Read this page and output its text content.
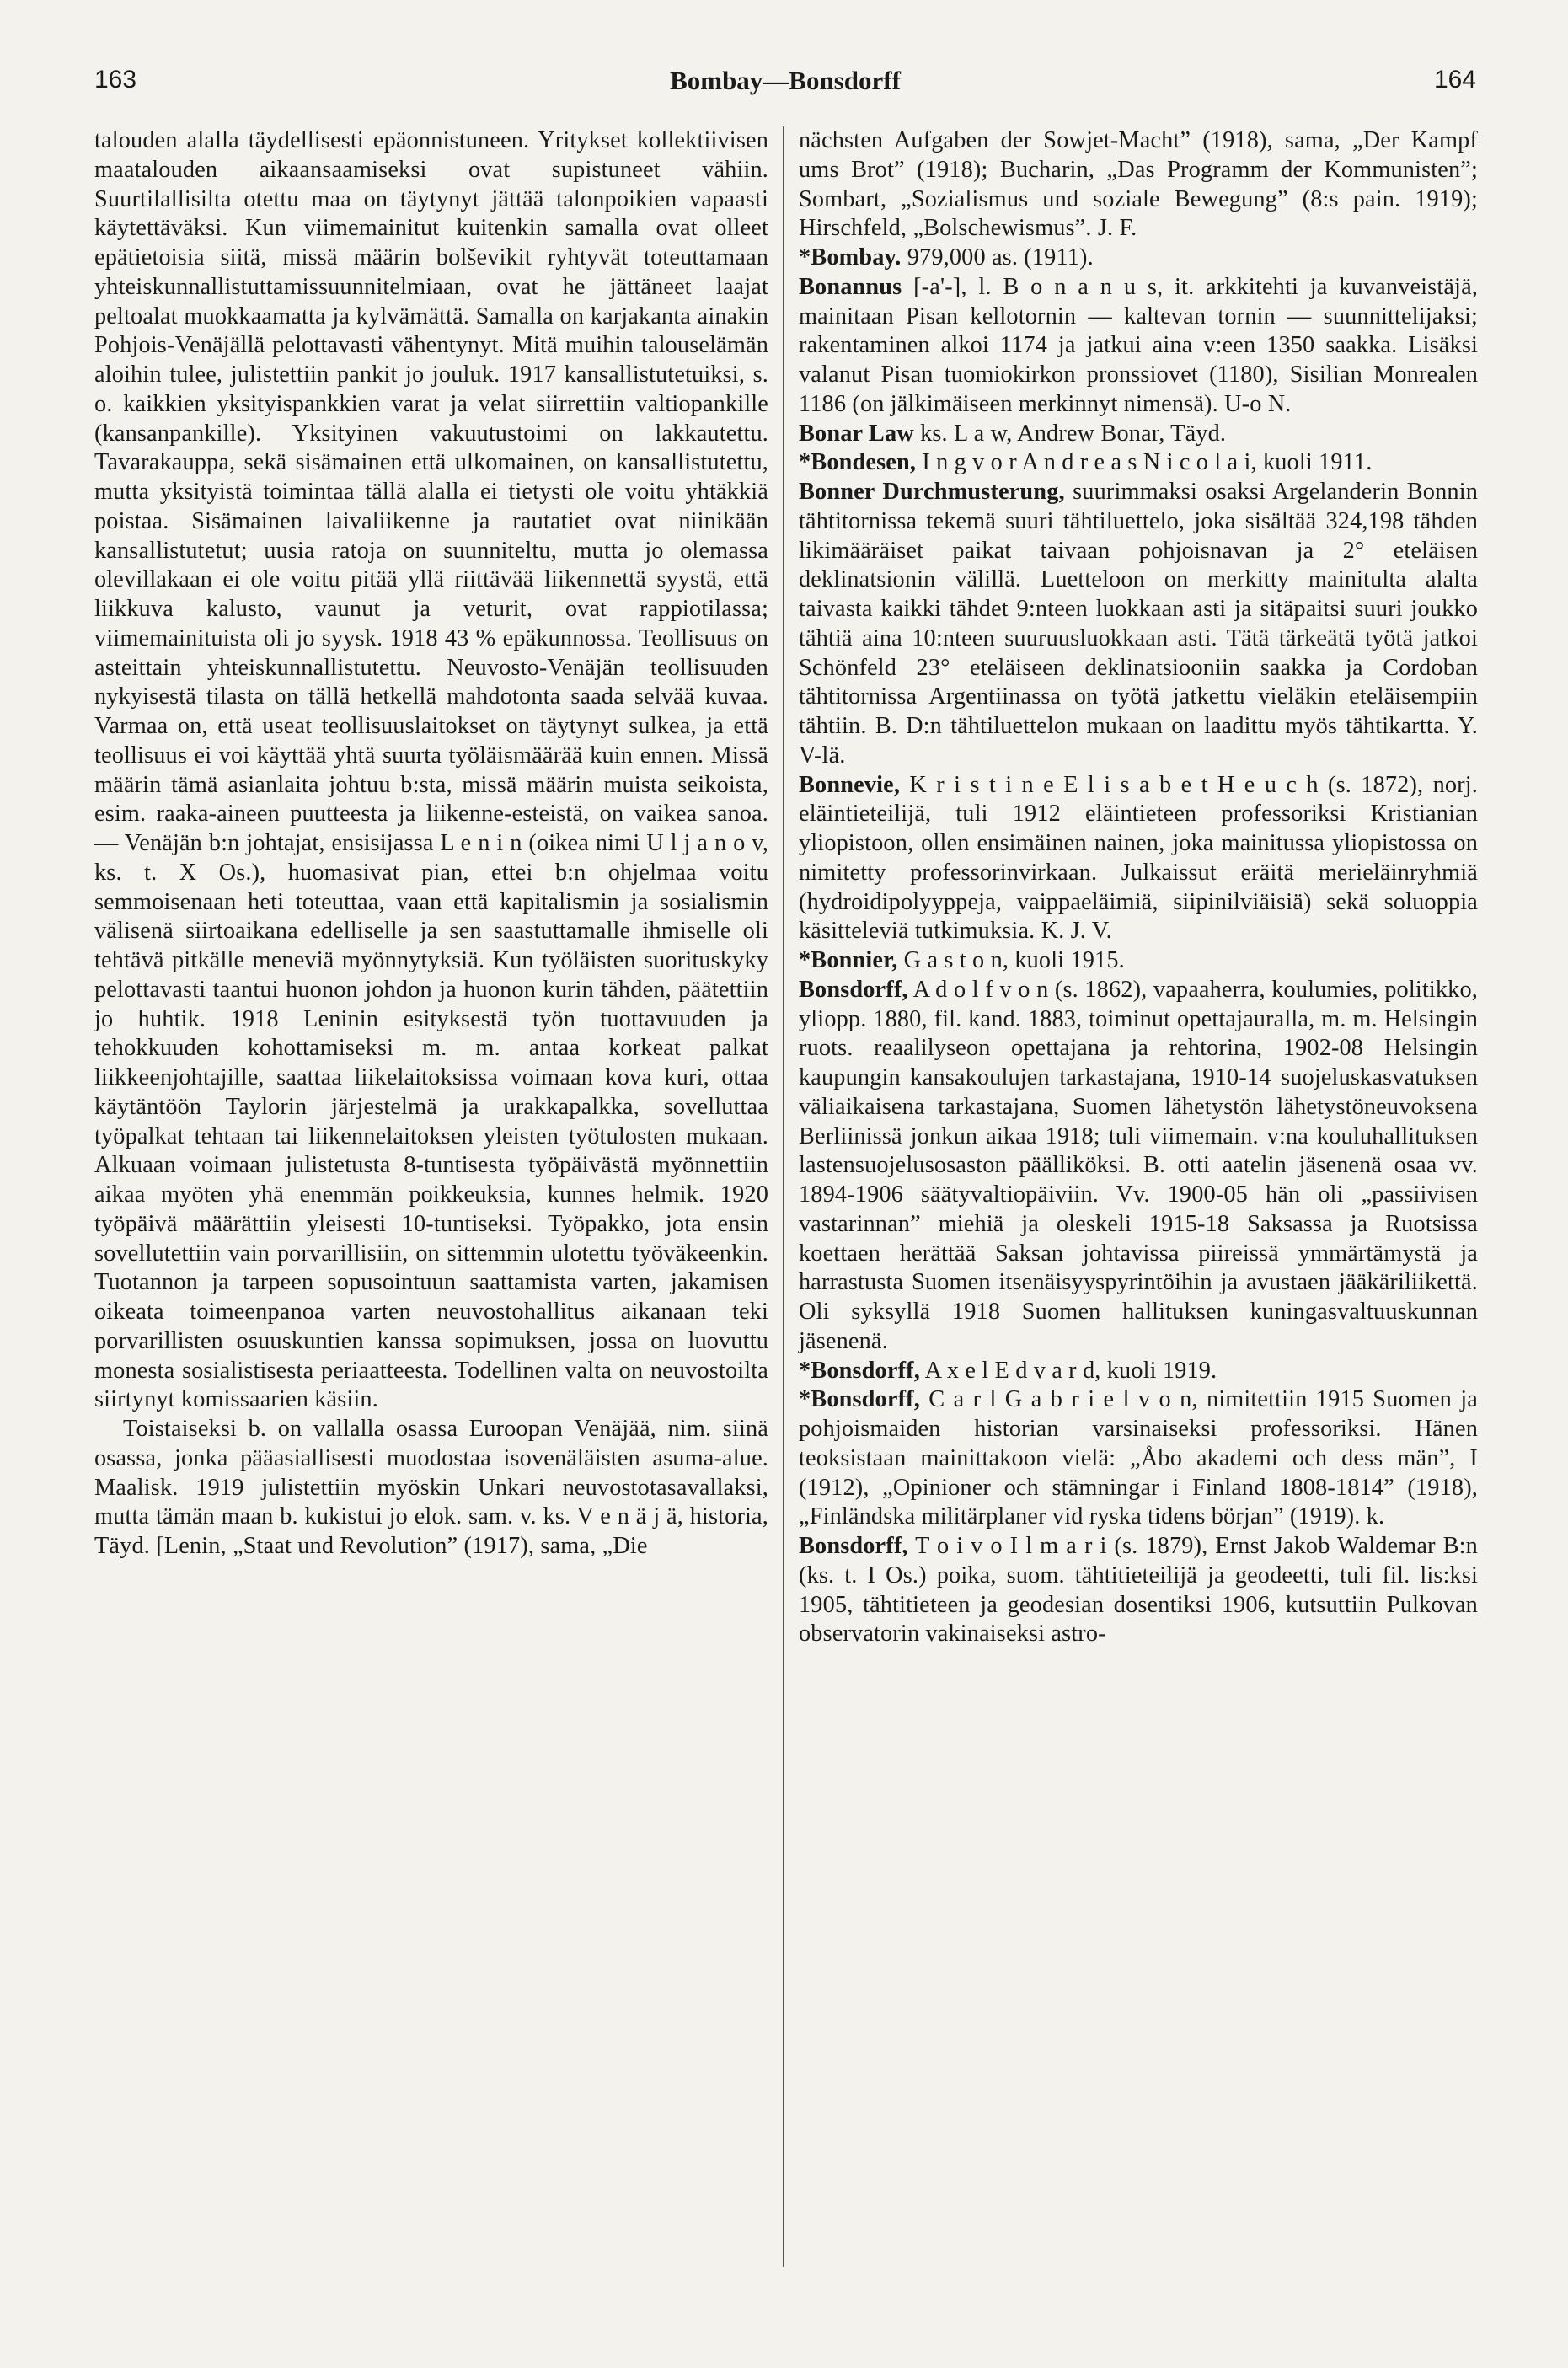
163	Bombay—Bonsdorff	164

talouden alalla täydellisesti epäonnistuneen. Yritykset kollektiivisen maatalouden aikaansaamiseksi ovat supistuneet vähiin. Suurtilallisilta otettu maa on täytynyt jättää talonpoikien vapaasti käytettäväksi. Kun viimemainitut kuitenkin samalla ovat olleet epätietoisia siitä, missä määrin bolševikit ryhtyvät toteuttamaan yhteiskunnallistuttamissuunnitelmiaan, ovat he jättäneet laajat peltoalat muokkaamatta ja kylvämättä. Samalla on karjakanta ainakin Pohjois-Venäjällä pelottavasti vähentynyt. Mitä muihin talouselämän aloihin tulee, julistettiin pankit jo jouluk. 1917 kansallistutetuiksi, s. o. kaikkien yksityispankkien varat ja velat siirrettiin valtiopankille (kansanpankille). Yksityinen vakuutustoimi on lakkautettu. Tavarakauppa, sekä sisämainen että ulkomainen, on kansallistutettu, mutta yksityistä toimintaa tällä alalla ei tietysti ole voitu yhtäkkiä poistaa. Sisämainen laivaliikenne ja rautatiet ovat niinikään kansallistutetut; uusia ratoja on suunniteltu, mutta jo olemassa olevillakaan ei ole voitu pitää yllä riittävää liikennettä syystä, että liikkuva kalusto, vaunut ja veturit, ovat rappiotilassa; viimemainituista oli jo syysk. 1918 43 % epäkunnossa. Teollisuus on asteittain yhteiskunnallistutettu. Neuvosto-Venäjän teollisuuden nykyisestä tilasta on tällä hetkellä mahdotonta saada selvää kuvaa. Varmaa on, että useat teollisuuslaitokset on täytynyt sulkea, ja että teollisuus ei voi käyttää yhtä suurta työläismäärää kuin ennen. Missä määrin tämä asianlaita johtuu b:sta, missä määrin muista seikoista, esim. raaka-aineen puutteesta ja liikenne-esteistä, on vaikea sanoa. — Venäjän b:n johtajat, ensisijassa L e n i n (oikea nimi U l j a n o v, ks. t. X Os.), huomasivat pian, ettei b:n ohjelmaa voitu semmoisenaan heti toteuttaa, vaan että kapitalismin ja sosialismin välisenä siirtoaikana edelliselle ja sen saastuttamalle ihmiselle oli tehtävä pitkälle meneviä myönnytyksiä. Kun työläisten suorituskyky pelottavasti taantui huonon johdon ja huonon kurin tähden, päätettiin jo huhtik. 1918 Leninin esityksestä työn tuottavuuden ja tehokkuuden kohottamiseksi m. m. antaa korkeat palkat liikkeenjohtajille, saattaa liikelaitoksissa voimaan kova kuri, ottaa käytäntöön Taylorin järjestelmä ja urakkapalkka, sovelluttaa työpalkat tehtaan tai liikennelaitoksen yleisten työtulosten mukaan. Alkuaan voimaan julistetusta 8-tuntisesta työpäivästä myönnettiin aikaa myöten yhä enemmän poikkeuksia, kunnes helmik. 1920 työpäivä määrättiin yleisesti 10-tuntiseksi. Työpakko, jota ensin sovellutettiin vain porvarillisiin, on sittemmin ulotettu työväkeenkin. Tuotannon ja tarpeen sopusointuun saattamista varten, jakamisen oikeata toimeenpanoa varten neuvostohallitus aikanaan teki porvarillisten osuuskuntien kanssa sopimuksen, jossa on luovuttu monesta sosialistisesta periaatteesta. Todellinen valta on neuvostoilta siirtynyt komissaarien käsiin.

Toistaiseksi b. on vallalla osassa Euroopan Venäjää, nim. siinä osassa, jonka pääasiallisesti muodostaa isovenäläisten asuma-alue. Maalisk. 1919 julistettiin myöskin Unkari neuvostotasavallaksi, mutta tämän maan b. kukistui jo elok. sam. v. ks. V e n ä j ä, historia, Täyd. [Lenin, „Staat und Revolution” (1917), sama, „Die

nächsten Aufgaben der Sowjet-Macht” (1918), sama, „Der Kampf ums Brot” (1918); Bucharin, „Das Programm der Kommunisten”; Sombart, „Sozialismus und soziale Bewegung” (8:s pain. 1919); Hirschfeld, „Bolschewismus”. J. F.

*Bombay. 979,000 as. (1911).

Bonannus [-a'-], l. B o n a n u s, it. arkkitehti ja kuvanveistäjä, mainitaan Pisan kellotornin — kaltevan tornin — suunnittelijaksi; rakentaminen alkoi 1174 ja jatkui aina v:een 1350 saakka. Lisäksi valanut Pisan tuomiokirkon pronssiovet (1180), Sisilian Monrealen 1186 (on jälkimäiseen merkinnyt nimensä). U-o N.

Bonar Law ks. L a w, Andrew Bonar, Täyd.

*Bondesen, I n g v o r A n d r e a s N i c o l a i, kuoli 1911.

Bonner Durchmusterung, suurimmaksi osaksi Argelanderin Bonnin tähtitornissa tekemä suuri tähtiluettelo, joka sisältää 324,198 tähden likimääräiset paikat taivaan pohjoisnavan ja 2° eteläisen deklinatsionin välillä. Luetteloon on merkitty mainitulta alalta taivasta kaikki tähdet 9:nteen luokkaan asti ja sitäpaitsi suuri joukko tähtiä aina 10:nteen suuruusluokkaan asti. Tätä tärkeätä työtä jatkoi Schönfeld 23° eteläiseen deklinatsiooniin saakka ja Cordoban tähtitornissa Argentiinassa on työtä jatkettu vieläkin eteläisempiin tähtiin. B. D:n tähtiluettelon mukaan on laadittu myös tähtikartta. Y. V-lä.

Bonnevie, K r i s t i n e E l i s a b e t H e u c h (s. 1872), norj. eläintieteilijä, tuli 1912 eläintieteen professoriksi Kristianian yliopistoon, ollen ensimäinen nainen, joka mainitussa yliopistossa on nimitetty professorinvirkaan. Julkaissut eräitä merieläinryhmiä (hydroidipolyyppeja, vaippaeläimiä, siipinilviäisiä) sekä soluoppia käsitteleviä tutkimuksia. K. J. V.

*Bonnier, G a s t o n, kuoli 1915.

Bonsdorff, A d o l f v o n (s. 1862), vapaaherra, koulumies, politikko, yliopp. 1880, fil. kand. 1883, toiminut opettajauralla, m. m. Helsingin ruots. reaalilyseon opettajana ja rehtorina, 1902-08 Helsingin kaupungin kansakoulujen tarkastajana, 1910-14 suojeluskasvatuksen väliaikaisena tarkastajana, Suomen lähetystön lähetystöneuvoksena Berliinissä jonkun aikaa 1918; tuli viimemain. v:na kouluhallituksen lastensuojelusosaston päälliköksi. B. otti aatelin jäsenenä osaa vv. 1894-1906 säätyvaltiopäiviin. Vv. 1900-05 hän oli „passiivisen vastarinnan” miehiä ja oleskeli 1915-18 Saksassa ja Ruotsissa koettaen herättää Saksan johtavissa piireissä ymmärtämystä ja harrastusta Suomen itsenäisyyspyrintöihin ja avustaen jääkäriliikettä. Oli syksyllä 1918 Suomen hallituksen kuningasvaltuuskunnan jäsenenä.

*Bonsdorff, A x e l E d v a r d, kuoli 1919.

*Bonsdorff, C a r l G a b r i e l v o n, nimitettiin 1915 Suomen ja pohjoismaiden historian varsinaiseksi professoriksi. Hänen teoksistaan mainittakoon vielä: „Åbo akademi och dess män”, I (1912), „Opinioner och stämningar i Finland 1808-1814” (1918), „Finländska militärplaner vid ryska tidens början” (1919). k.

Bonsdorff, T o i v o I l m a r i (s. 1879), Ernst Jakob Waldemar B:n (ks. t. I Os.) poika, suom. tähtitieteilijä ja geodeetti, tuli fil. lis:ksi 1905, tähtitieteen ja geodesian dosentiksi 1906, kutsuttiin Pulkovan observatorin vakinaiseksi astro-
